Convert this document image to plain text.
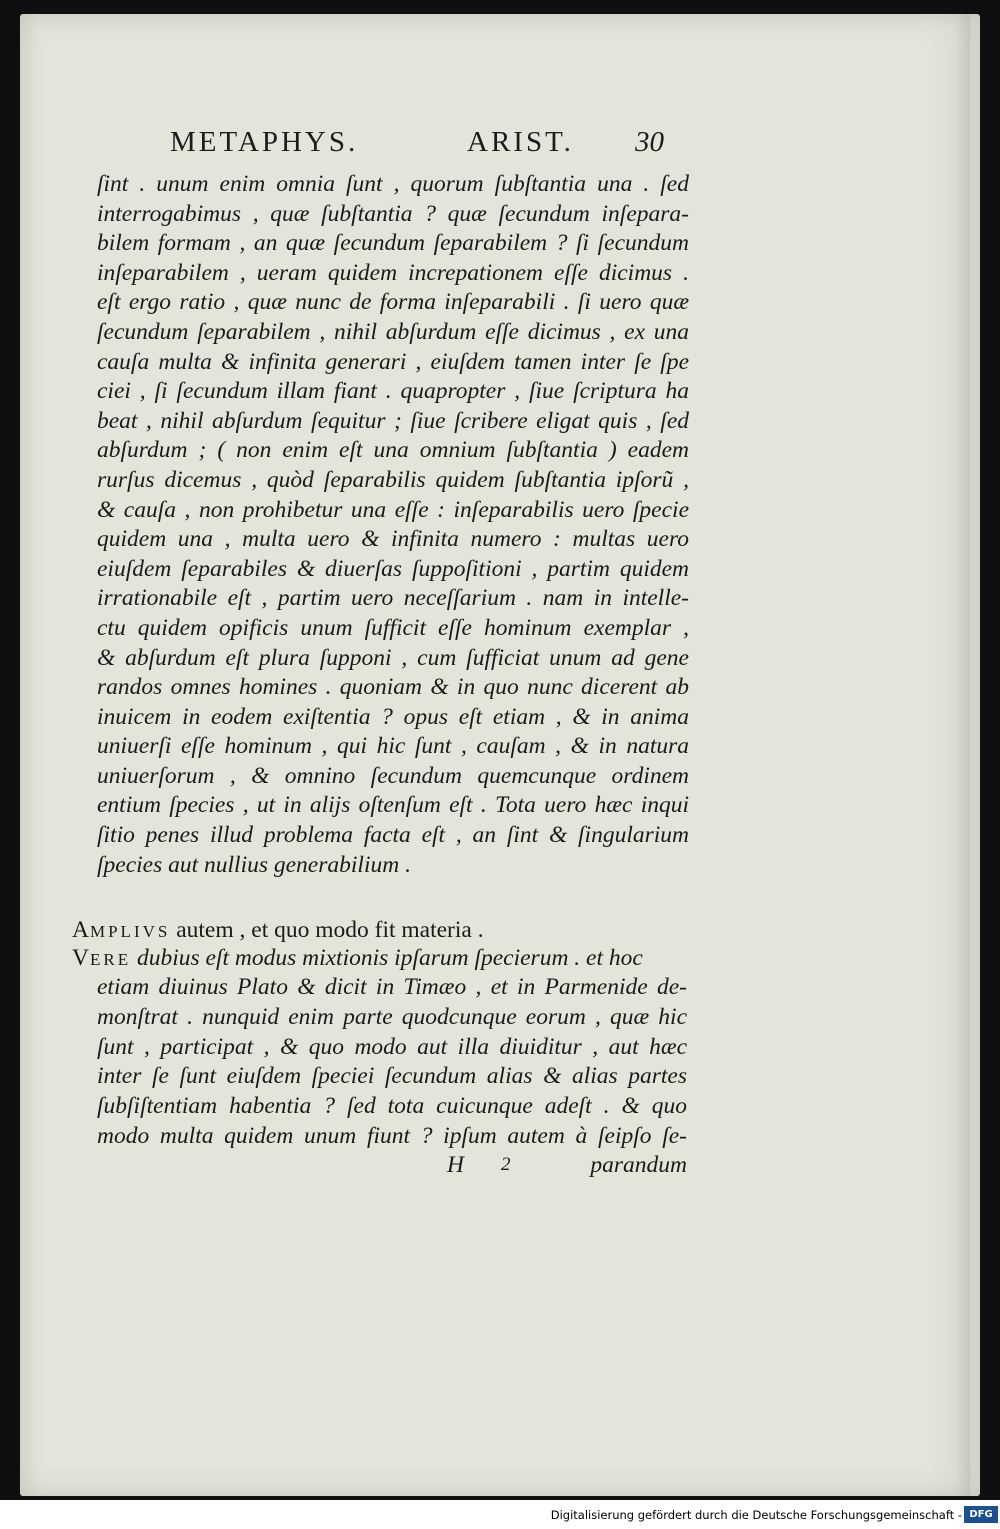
METAPHYS.	ARIST. 30
ſint . unum enim omnia ſunt , quorum ſubſtantia una . ſed
interrogabimus , quæ ſubſtantia ? quæ ſecundum inſepara-
bilem formam , an quæ ſecundum ſeparabilem ? ſi ſecundum
inſeparabilem , ueram quidem increpationem eſſe dicimus .
eſt ergo ratio , quæ nunc de forma inſeparabili . ſi uero quæ
ſecundum ſeparabilem , nihil abſurdum eſſe dicimus , ex una
cauſa multa & infinita generari , eiuſdem tamen inter ſe ſpe
ciei , ſi ſecundum illam fiant . quapropter , ſiue ſcriptura ha
beat , nihil abſurdum ſequitur ; ſiue ſcribere eligat quis , ſed
abſurdum ; ( non enim eſt una omnium ſubſtantia ) eadem
rurſus dicemus , quòd ſeparabilis quidem ſubſtantia ipſorũ ,
& cauſa , non prohibetur una eſſe : inſeparabilis uero ſpecie
quidem una , multa uero & infinita numero : multas uero
eiuſdem ſeparabiles & diuerſas ſuppoſitioni , partim quidem
irrationabile eſt , partim uero neceſſarium . nam in intelle-
ctu quidem opificis unum ſufficit eſſe hominum exemplar ,
& abſurdum eſt plura ſupponi , cum ſufficiat unum ad gene
randos omnes homines . quoniam & in quo nunc dicerent ab
inuicem in eodem exiſtentia ? opus eſt etiam , & in anima
uniuerſi eſſe hominum , qui hic ſunt , cauſam , & in natura
uniuerſorum , & omnino ſecundum quemcunque ordinem
entium ſpecies , ut in alijs oſtenſum eſt . Tota uero hæc inqui
ſitio penes illud problema facta eſt , an ſint & ſingularium
ſpecies aut nullius generabilium .
AMPLIVS autem , et quo modo fit materia .
VERE dubius eſt modus mixtionis ipſarum ſpecierum . et hoc
etiam diuinus Plato & dicit in Timæo , et in Parmenide de-
monſtrat . nunquid enim parte quodcunque eorum , quæ hic
ſunt , participat , & quo modo aut illa diuiditur , aut hæc
inter ſe ſunt eiuſdem ſpeciei ſecundum alias & alias partes
ſubſiſtentiam habentia ? ſed tota cuicunque adeſt . & quo
modo multa quidem unum fiunt ? ipſum autem à ſeipſo ſe-
H 2	parandum
Digitalisierung gefördert durch die Deutsche Forschungsgemeinschaft - DFG
